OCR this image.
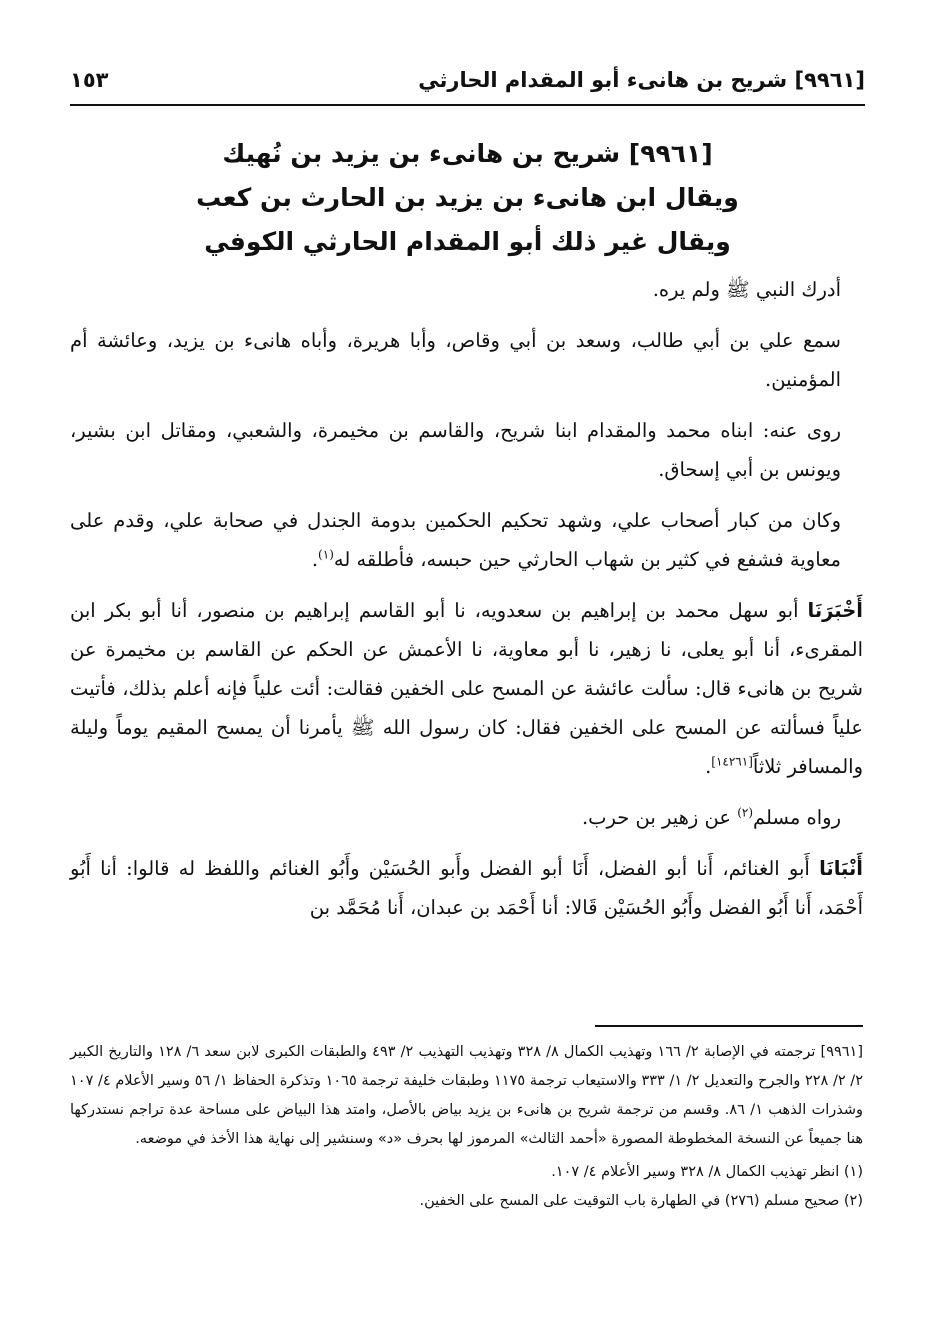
[٩٩٦١] شريح بن هانىء أبو المقدام الحارثي
١٥٣
[٩٩٦١] شريح بن هانىء بن يزيد بن نُهيك
ويقال ابن هانىء بن يزيد بن الحارث بن كعب
ويقال غير ذلك أبو المقدام الحارثي الكوفي

أدرك النبي ﷺ ولم يره.

سمع علي بن أبي طالب، وسعد بن أبي وقاص، وأبا هريرة، وأباه هانىء بن يزيد، وعائشة أم المؤمنين.

روى عنه: ابناه محمد والمقدام ابنا شريح، والقاسم بن مخيمرة، والشعبي، ومقاتل ابن بشير، ويونس بن أبي إسحاق.

وكان من كبار أصحاب علي، وشهد تحكيم الحكمين بدومة الجندل في صحابة علي، وقدم على معاوية فشفع في كثير بن شهاب الحارثي حين حبسه، فأطلقه له$^{(١)}$.

أَخْبَرَنَا أبو سهل محمد بن إبراهيم بن سعدويه، نا أبو القاسم إبراهيم بن منصور، أنا أبو بكر ابن المقرىء، أنا أبو يعلى، نا زهير، نا أبو معاوية، نا الأعمش عن الحكم عن القاسم بن مخيمرة عن شريح بن هانىء قال: سألت عائشة عن المسح على الخفين فقالت: أئت علياً فإنه أعلم بذلك، فأتيت علياً فسألته عن المسح على الخفين فقال: كان رسول الله ﷺ يأمرنا أن يمسح المقيم يوماً وليلة والمسافر ثلاثاً[١٤٢٦١].

رواه مسلم$^{(٢)}$ عن زهير بن حرب.

أَنْبَانَا أَبو الغنائم، أَنا أبو الفضل، أَنَا أبو الفضل وأَبو الحُسَيْن وأَبُو الغنائم واللفظ له قالوا: أنا أَبُو أَحْمَد، أَنا أَبُو الفضل وأَبُو الحُسَيْن قَالا: أنا أَحْمَد بن عبدان، أَنا مُحَمَّد بن

[٩٩٦١] ترجمته في الإصابة ٢/ ١٦٦ وتهذيب الكمال ٨/ ٣٢٨ وتهذيب التهذيب ٢/ ٤٩٣ والطبقات الكبرى لابن سعد ٦/ ١٢٨ والتاريخ الكبير ٢/ ٢/ ٢٢٨ والجرح والتعديل ٢/ ١/ ٣٣٣ والاستيعاب ترجمة ١١٧٥ وطبقات خليفة ترجمة ١٠٦٥ وتذكرة الحفاظ ١/ ٥٦ وسير الأعلام ٤/ ١٠٧ وشذرات الذهب ١/ ٨٦. وقسم من ترجمة شريح بن هانىء بن يزيد بياض بالأصل، وامتد هذا البياض على مساحة عدة تراجم نستدركها هنا جميعاً عن النسخة المخطوطة المصورة «أحمد الثالث» المرموز لها بحرف «د» وسنشير إلى نهاية هذا الأخذ في موضعه.

(١) انظر تهذيب الكمال ٨/ ٣٢٨ وسير الأعلام ٤/ ١٠٧.

(٢) صحيح مسلم (٢٧٦) في الطهارة باب التوقيت على المسح على الخفين.
